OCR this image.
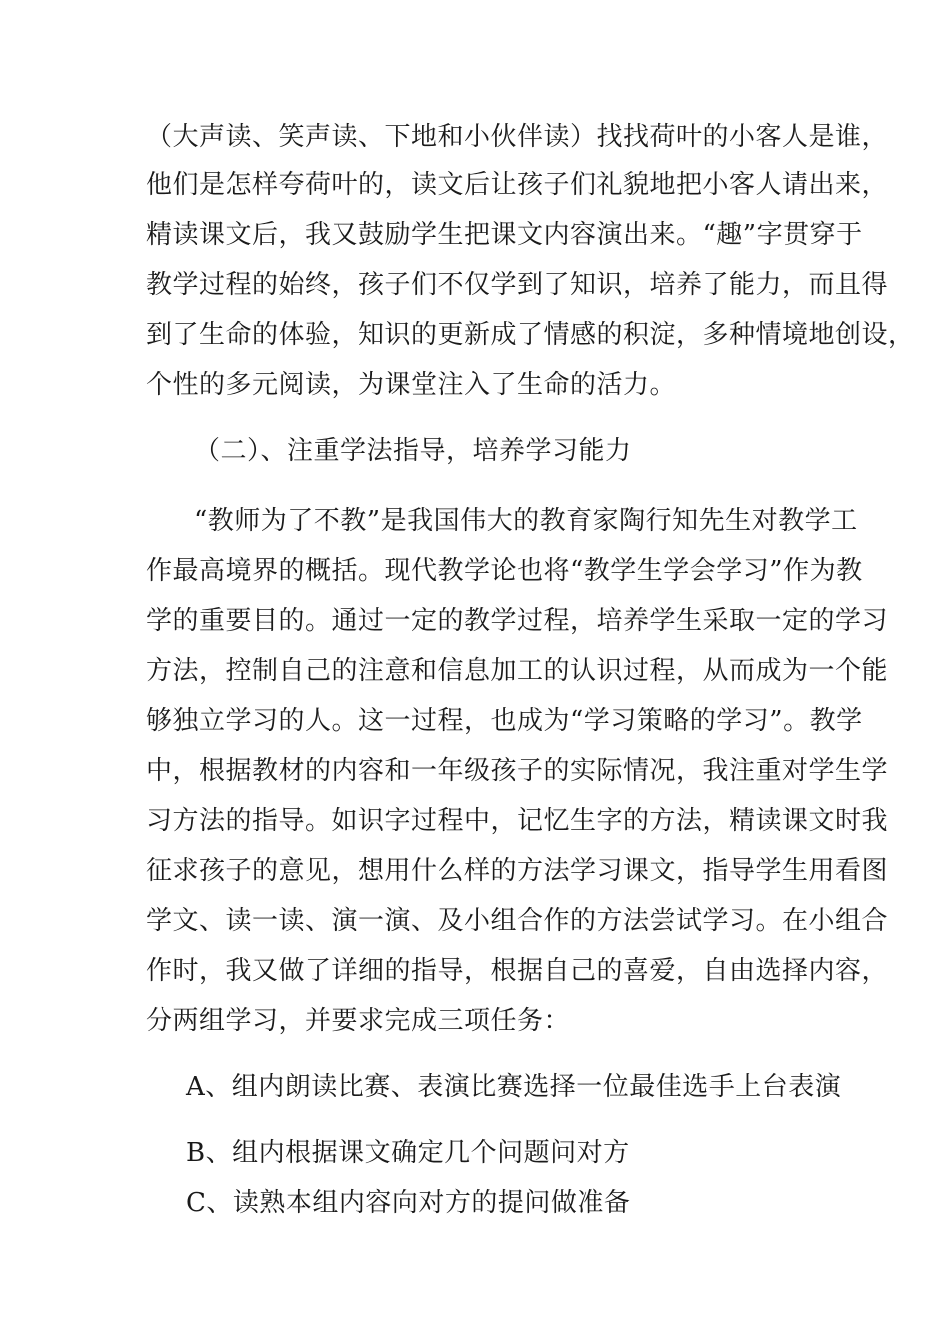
（大声读、笑声读、下地和小伙伴读）找找荷叶的小客人是谁，
他们是怎样夸荷叶的，读文后让孩子们礼貌地把小客人请出来，
精读课文后，我又鼓励学生把课文内容演出来。“趣”字贯穿于
教学过程的始终，孩子们不仅学到了知识，培养了能力，而且得
到了生命的体验，知识的更新成了情感的积淀，多种情境地创设，
个性的多元阅读，为课堂注入了生命的活力。
（二）、注重学法指导，培养学习能力
“教师为了不教”是我国伟大的教育家陶行知先生对教学工
作最高境界的概括。现代教学论也将“教学生学会学习”作为教
学的重要目的。通过一定的教学过程，培养学生采取一定的学习
方法，控制自己的注意和信息加工的认识过程，从而成为一个能
够独立学习的人。这一过程，也成为“学习策略的学习”。教学
中，根据教材的内容和一年级孩子的实际情况，我注重对学生学
习方法的指导。如识字过程中，记忆生字的方法，精读课文时我
征求孩子的意见，想用什么样的方法学习课文，指导学生用看图
学文、读一读、演一演、及小组合作的方法尝试学习。在小组合
作时，我又做了详细的指导，根据自己的喜爱，自由选择内容，
分两组学习，并要求完成三项任务：
A、组内朗读比赛、表演比赛选择一位最佳选手上台表演
B、组内根据课文确定几个问题问对方
C、读熟本组内容向对方的提问做准备
